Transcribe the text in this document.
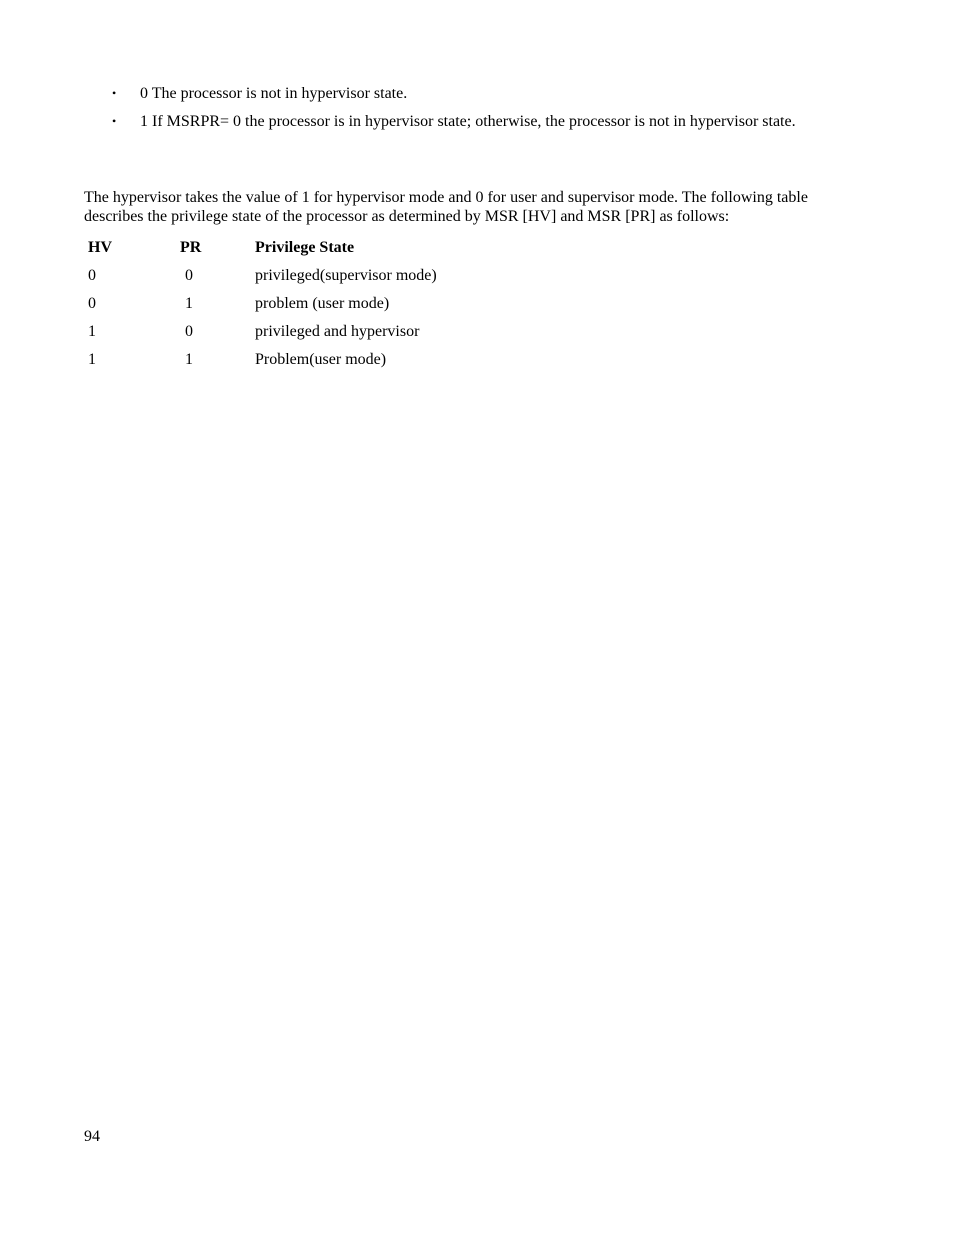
• 0 The processor is not in hypervisor state.
• 1 If MSRPR= 0 the processor is in hypervisor state; otherwise, the processor is not in hypervisor state.

The hypervisor takes the value of 1 for hypervisor mode and 0 for user and supervisor mode. The following table describes the privilege state of the processor as determined by MSR [HV] and MSR [PR] as follows:

HV	PR	Privilege State
0	0	privileged(supervisor mode)
0	1	problem (user mode)
1	0	privileged and hypervisor
1	1	Problem(user mode)
94
